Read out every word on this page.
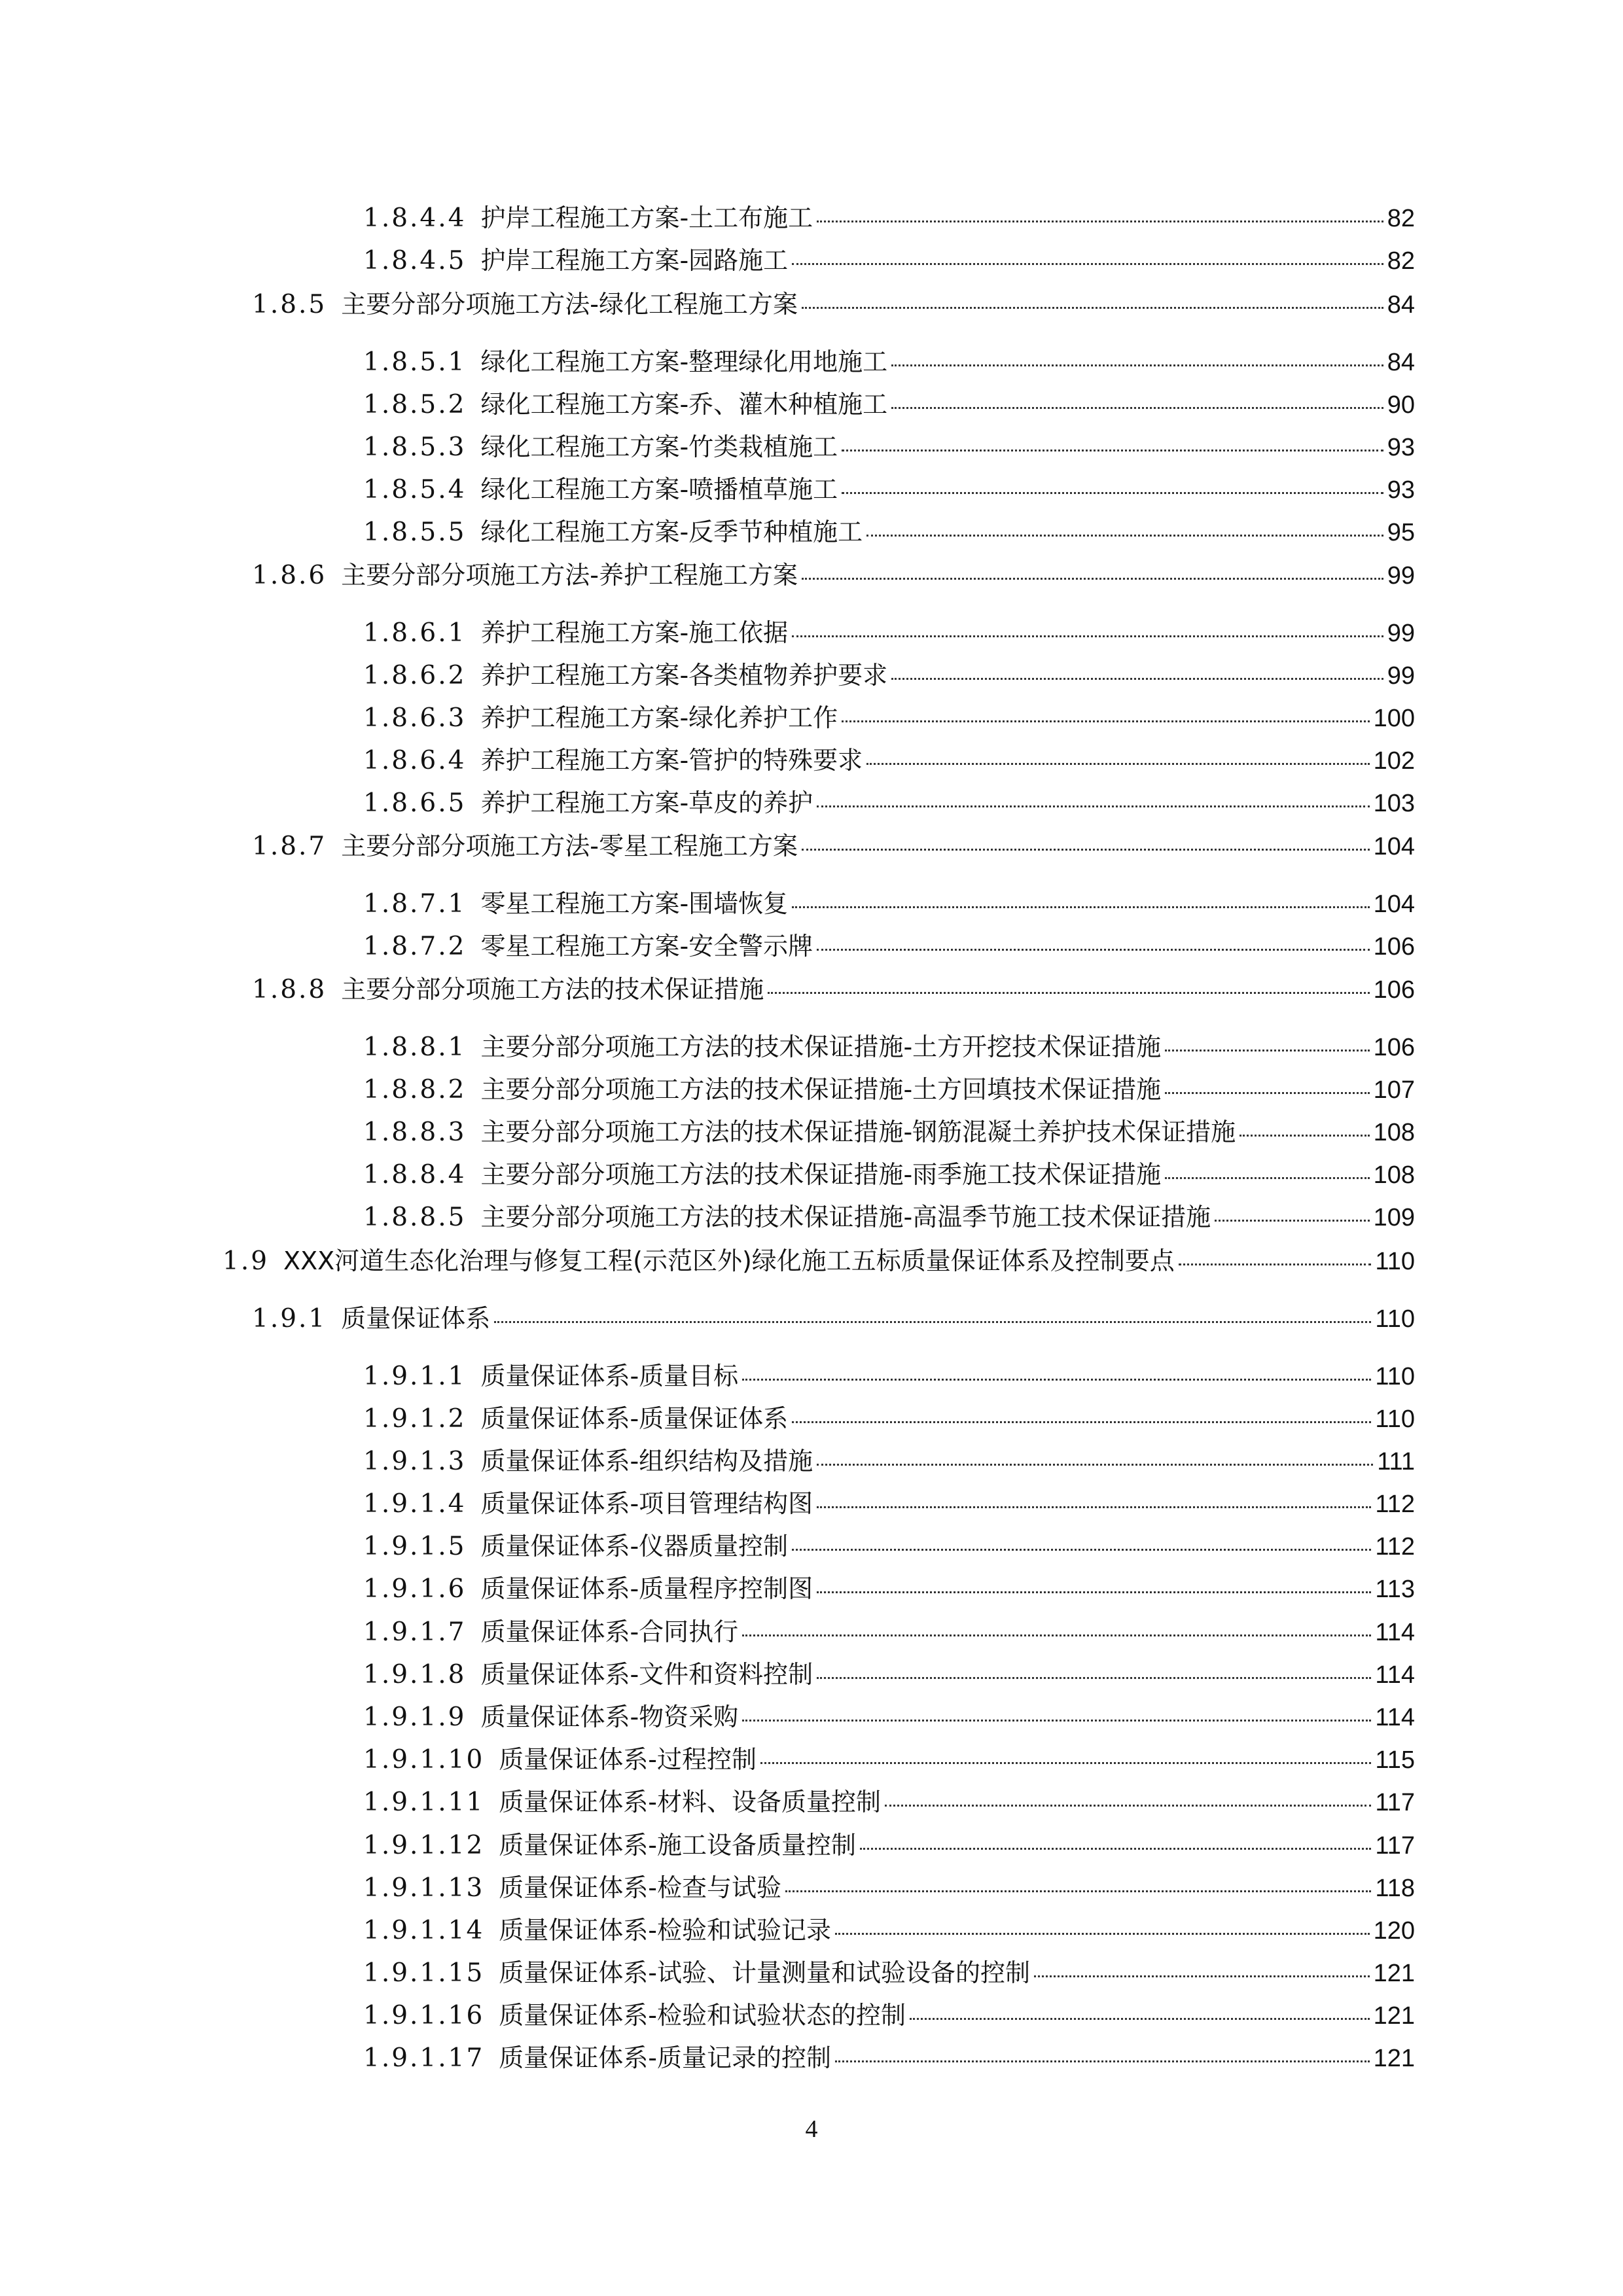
1.8.4.4 护岸工程施工方案-土工布施工	82
1.8.4.5 护岸工程施工方案-园路施工	82
1.8.5 主要分部分项施工方法-绿化工程施工方案	84
1.8.5.1 绿化工程施工方案-整理绿化用地施工	84
1.8.5.2 绿化工程施工方案-乔、灌木种植施工	90
1.8.5.3 绿化工程施工方案-竹类栽植施工	93
1.8.5.4 绿化工程施工方案-喷播植草施工	93
1.8.5.5 绿化工程施工方案-反季节种植施工	95
1.8.6 主要分部分项施工方法-养护工程施工方案	99
1.8.6.1 养护工程施工方案-施工依据	99
1.8.6.2 养护工程施工方案-各类植物养护要求	99
1.8.6.3 养护工程施工方案-绿化养护工作	100
1.8.6.4 养护工程施工方案-管护的特殊要求	102
1.8.6.5 养护工程施工方案-草皮的养护	103
1.8.7 主要分部分项施工方法-零星工程施工方案	104
1.8.7.1 零星工程施工方案-围墙恢复	104
1.8.7.2 零星工程施工方案-安全警示牌	106
1.8.8 主要分部分项施工方法的技术保证措施	106
1.8.8.1 主要分部分项施工方法的技术保证措施-土方开挖技术保证措施	106
1.8.8.2 主要分部分项施工方法的技术保证措施-土方回填技术保证措施	107
1.8.8.3 主要分部分项施工方法的技术保证措施-钢筋混凝土养护技术保证措施	108
1.8.8.4 主要分部分项施工方法的技术保证措施-雨季施工技术保证措施	108
1.8.8.5 主要分部分项施工方法的技术保证措施-高温季节施工技术保证措施	109
1.9 XXX河道生态化治理与修复工程(示范区外)绿化施工五标质量保证体系及控制要点	110
1.9.1 质量保证体系	110
1.9.1.1 质量保证体系-质量目标	110
1.9.1.2 质量保证体系-质量保证体系	110
1.9.1.3 质量保证体系-组织结构及措施	111
1.9.1.4 质量保证体系-项目管理结构图	112
1.9.1.5 质量保证体系-仪器质量控制	112
1.9.1.6 质量保证体系-质量程序控制图	113
1.9.1.7 质量保证体系-合同执行	114
1.9.1.8 质量保证体系-文件和资料控制	114
1.9.1.9 质量保证体系-物资采购	114
1.9.1.10 质量保证体系-过程控制	115
1.9.1.11 质量保证体系-材料、设备质量控制	117
1.9.1.12 质量保证体系-施工设备质量控制	117
1.9.1.13 质量保证体系-检查与试验	118
1.9.1.14 质量保证体系-检验和试验记录	120
1.9.1.15 质量保证体系-试验、计量测量和试验设备的控制	121
1.9.1.16 质量保证体系-检验和试验状态的控制	121
1.9.1.17 质量保证体系-质量记录的控制	121
4
